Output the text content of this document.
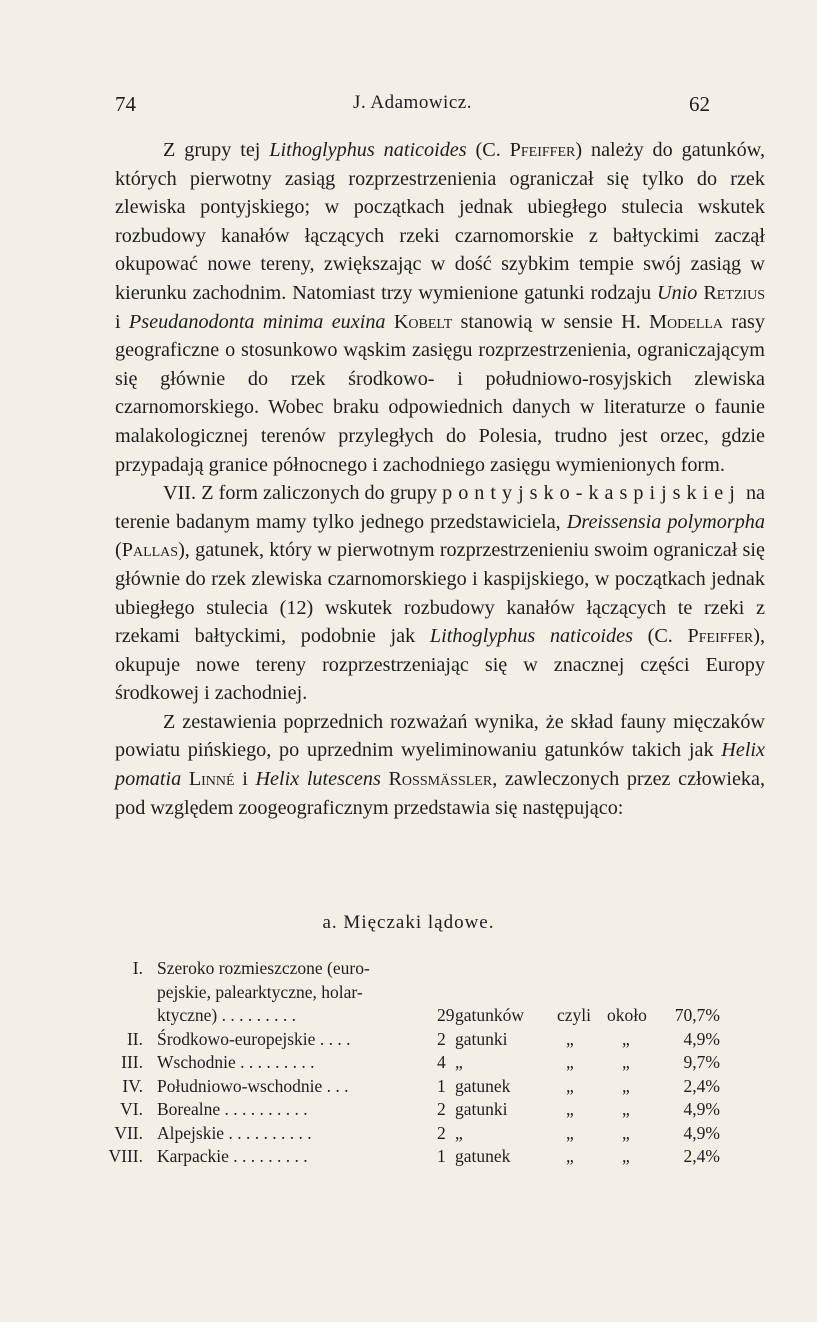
74	J. Adamowicz.	62

Z grupy tej Lithoglyphus naticoides (C. Pfeiffer) należy do gatunków, których pierwotny zasiąg rozprzestrzenienia ograniczał się tylko do rzek zlewiska pontyjskiego; w początkach jednak ubiegłego stulecia wskutek rozbudowy kanałów łączących rzeki czarnomorskie z bałtyckimi zaczął okupować nowe tereny, zwiększając w dość szybkim tempie swój zasiąg w kierunku zachodnim. Natomiast trzy wymienione gatunki rodzaju Unio Retzius i Pseudanodonta minima euxina Kobelt stanowią w sensie H. Modella rasy geograficzne o stosunkowo wąskim zasięgu rozprzestrzenienia, ograniczającym się głównie do rzek środkowo- i południowo-rosyjskich zlewiska czarnomorskiego. Wobec braku odpowiednich danych w literaturze o faunie malakologicznej terenów przyległych do Polesia, trudno jest orzec, gdzie przypadają granice północnego i zachodniego zasięgu wymienionych form.

VII. Z form zaliczonych do grupy pontyjsko-kaspijskiej na terenie badanym mamy tylko jednego przedstawiciela, Dreissensia polymorpha (Pallas), gatunek, który w pierwotnym rozprzestrzenieniu swoim ograniczał się głównie do rzek zlewiska czarnomorskiego i kaspijskiego, w początkach jednak ubiegłego stulecia (12) wskutek rozbudowy kanałów łączących te rzeki z rzekami bałtyckimi, podobnie jak Lithoglyphus naticoides (C. Pfeiffer), okupuje nowe tereny rozprzestrzeniając się w znacznej części Europy środkowej i zachodniej.

Z zestawienia poprzednich rozważań wynika, że skład fauny mięczaków powiatu pińskiego, po uprzednim wyeliminowaniu gatunków takich jak Helix pomatia Linné i Helix lutescens Rossmässler, zawleczonych przez człowieka, pod względem zoogeograficznym przedstawia się następująco:

a. Mięczaki lądowe.
I. Szeroko rozmieszczone (euro-
pejskie, palearktyczne, holar-
ktyczne) . . . . . . . . .	29 gatunków czyli około 70,7%
II. Środkowo-europejskie . . . .	2 gatunki	„	„	4,9%
III. Wschodnie . . . . . . . . .	4 „	„	„	9,7%
IV. Południowo-wschodnie . . .	1 gatunek	„	„	2,4%
VI. Borealne . . . . . . . . . .	2 gatunki	„	„	4,9%
VII. Alpejskie . . . . . . . . . .	2 „	„	„	4,9%
VIII. Karpackie . . . . . . . . .	1 gatunek	„	„	2,4%
